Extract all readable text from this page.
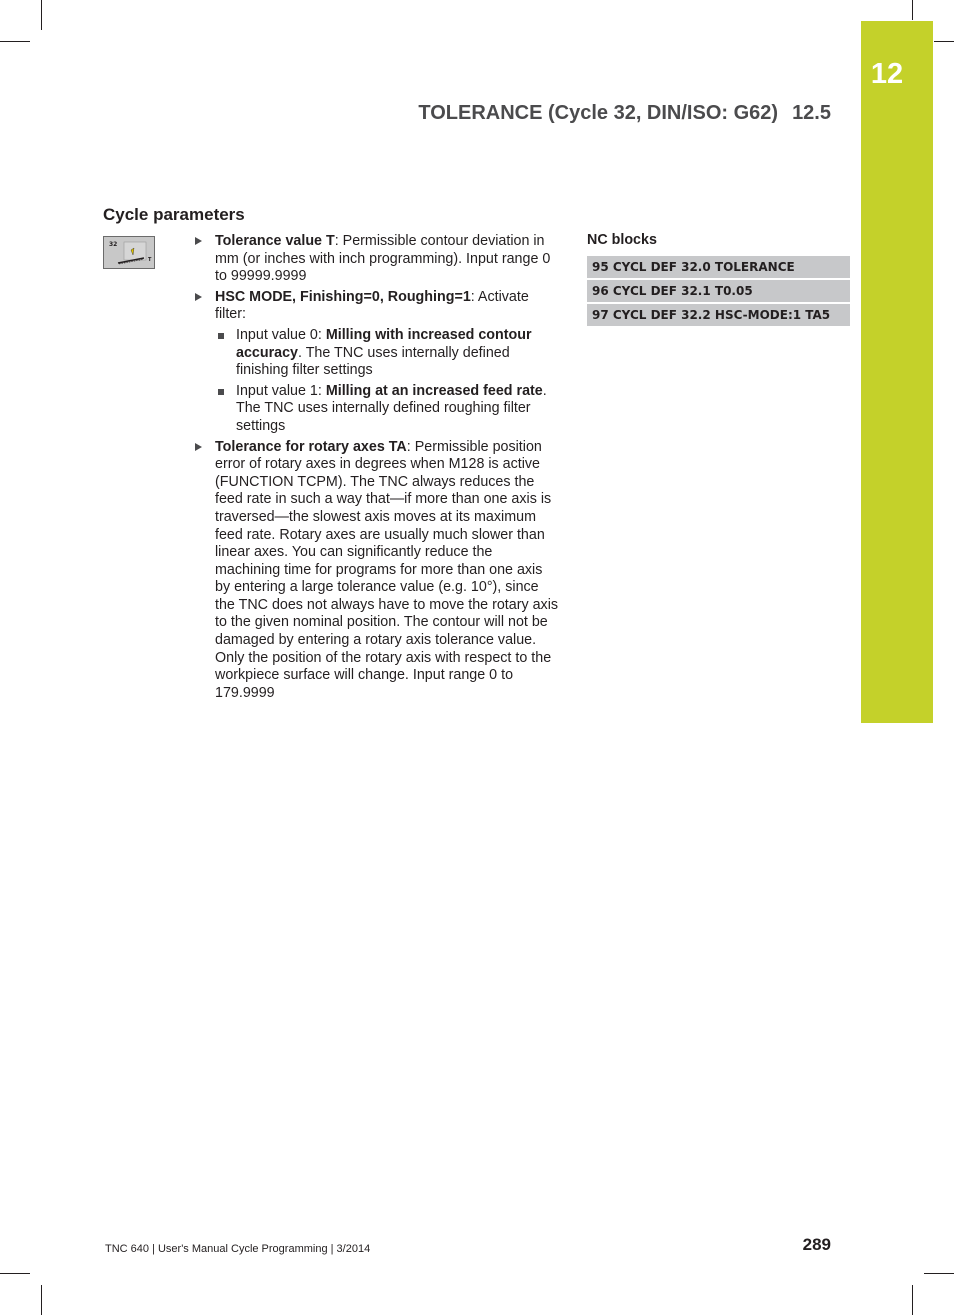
12
TOLERANCE (Cycle 32, DIN/ISO: G62) 12.5
Cycle parameters
32
T
Tolerance value T: Permissible contour deviation in mm (or inches with inch programming). Input range 0 to 99999.9999
HSC MODE, Finishing=0, Roughing=1: Activate filter:
Input value 0: Milling with increased contour accuracy. The TNC uses internally defined finishing filter settings
Input value 1: Milling at an increased feed rate. The TNC uses internally defined roughing filter settings
Tolerance for rotary axes TA: Permissible position error of rotary axes in degrees when M128 is active (FUNCTION TCPM). The TNC always reduces the feed rate in such a way that—if more than one axis is traversed—the slowest axis moves at its maximum feed rate. Rotary axes are usually much slower than linear axes. You can significantly reduce the machining time for programs for more than one axis by entering a large tolerance value (e.g. 10°), since the TNC does not always have to move the rotary axis to the given nominal position. The contour will not be damaged by entering a rotary axis tolerance value. Only the position of the rotary axis with respect to the workpiece surface will change. Input range 0 to 179.9999
NC blocks
95 CYCL DEF 32.0 TOLERANCE
96 CYCL DEF 32.1 T0.05
97 CYCL DEF 32.2 HSC-MODE:1 TA5
TNC 640 | User's Manual Cycle Programming | 3/2014	289
